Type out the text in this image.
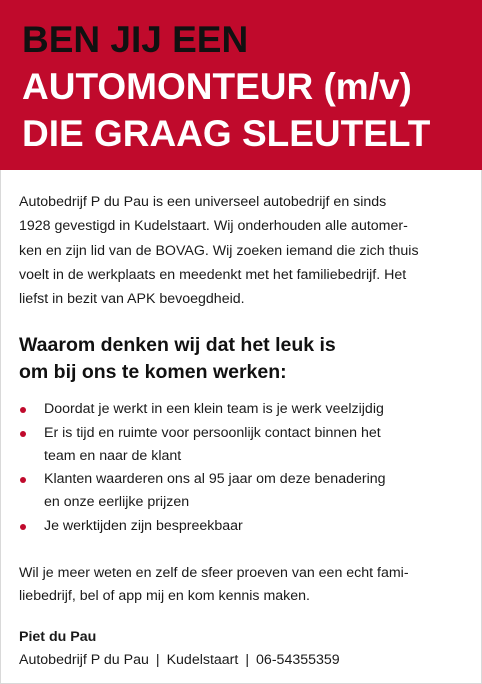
BEN JIJ EEN
AUTOMONTEUR (m/v)
DIE GRAAG SLEUTELT

Autobedrijf P du Pau is een universeel autobedrijf en sinds
1928 gevestigd in Kudelstaart. Wij onderhouden alle automer-
ken en zijn lid van de BOVAG. Wij zoeken iemand die zich thuis
voelt in de werkplaats en meedenkt met het familiebedrijf. Het
liefst in bezit van APK bevoegdheid.

Waarom denken wij dat het leuk is
om bij ons te komen werken:
Doordat je werkt in een klein team is je werk veelzijdig
Er is tijd en ruimte voor persoonlijk contact binnen het
team en naar de klant
Klanten waarderen ons al 95 jaar om deze benadering
en onze eerlijke prijzen
Je werktijden zijn bespreekbaar

Wil je meer weten en zelf de sfeer proeven van een echt fami-
liebedrijf, bel of app mij en kom kennis maken.

Piet du Pau
Autobedrijf P du Pau | Kudelstaart | 06-54355359
